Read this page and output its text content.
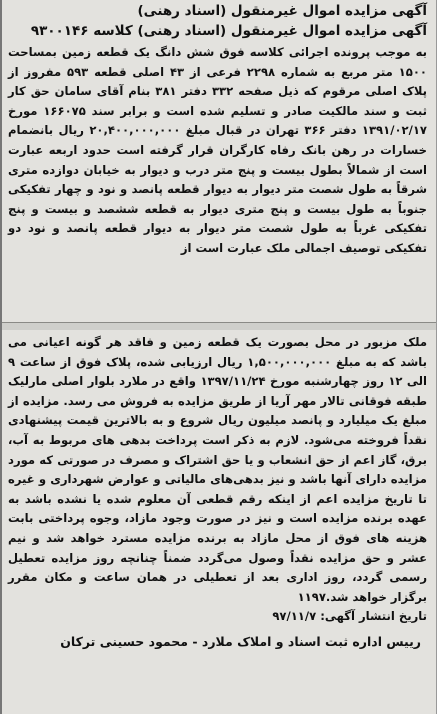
آگهی مزایده اموال غیرمنقول (اسناد رهنی)
آگهی مزایده اموال غیرمنقول (اسناد رهنی) کلاسه ۹۳۰۰۱۴۶

به موجب پرونده اجرائی کلاسه فوق شش دانگ یک قطعه زمین بمساحت ۱۵۰۰ متر مربع به شماره ۲۲۹۸ فرعی از ۴۳ اصلی قطعه ۵۹۳ مفروز از پلاک اصلی مرقوم که ذیل صفحه ۳۳۲ دفتر ۳۸۱ بنام آقای سامان حق کار ثبت و سند مالکیت صادر و تسلیم شده است و برابر سند ۱۶۶۰۷۵ مورخ ۱۳۹۱/۰۲/۱۷ دفتر ۳۶۶ تهران در قبال مبلغ ۲۰,۴۰۰,۰۰۰,۰۰۰ ریال بانضمام خسارات در رهن بانک رفاه کارگران قرار گرفته است حدود اربعه عبارت است از شمالاً بطول بیست و پنج متر درب و دیوار به خیابان دوازده متری شرقاً به طول شصت متر دیوار به دیوار قطعه پانصد و نود و چهار تفکیکی جنوباً به طول بیست و پنج متری دیوار به قطعه ششصد و بیست و پنج تفکیکی غرباً به طول شصت متر دیوار به دیوار قطعه پانصد و نود دو تفکیکی توصیف اجمالی ملک عبارت است از

ملک مزبور در محل بصورت یک قطعه زمین و فاقد هر گونه اعیانی می باشد که به مبلغ ۱,۵۰۰,۰۰۰,۰۰۰ ریال ارزیابی شده، پلاک فوق از ساعت ۹ الی ۱۲ روز چهارشنبه مورخ ۱۳۹۷/۱۱/۲۴ واقع در ملارد بلوار اصلی مارلیک طبقه فوقانی تالار مهر آریا از طریق مزایده به فروش می رسد. مزایده از مبلغ یک میلیارد و پانصد میلیون ریال شروع و به بالاترین قیمت پیشنهادی نقداً فروخته می‌شود. لازم به ذکر است پرداخت بدهی های مربوط به آب، برق، گاز اعم از حق انشعاب و یا حق اشتراک و مصرف در صورتی که مورد مزایده دارای آنها باشد و نیز بدهی‌های مالیاتی و عوارض شهرداری و غیره تا تاریخ مزایده اعم از اینکه رقم قطعی آن معلوم شده یا نشده باشد به عهده برنده مزایده است و نیز در صورت وجود مازاد، وجوه پرداختی بابت هزینه های فوق از محل مازاد به برنده مزایده مسترد خواهد شد و نیم عشر و حق مزایده نقداً وصول می‌گردد ضمناً چنانچه روز مزایده تعطیل رسمی گردد، روز اداری بعد از تعطیلی در همان ساعت و مکان مقرر برگزار خواهد شد.۱۱۹۷

تاریخ انتشار آگهی: ۹۷/۱۱/۷

رییس اداره ثبت اسناد و املاک ملارد - محمود حسینی ترکان
